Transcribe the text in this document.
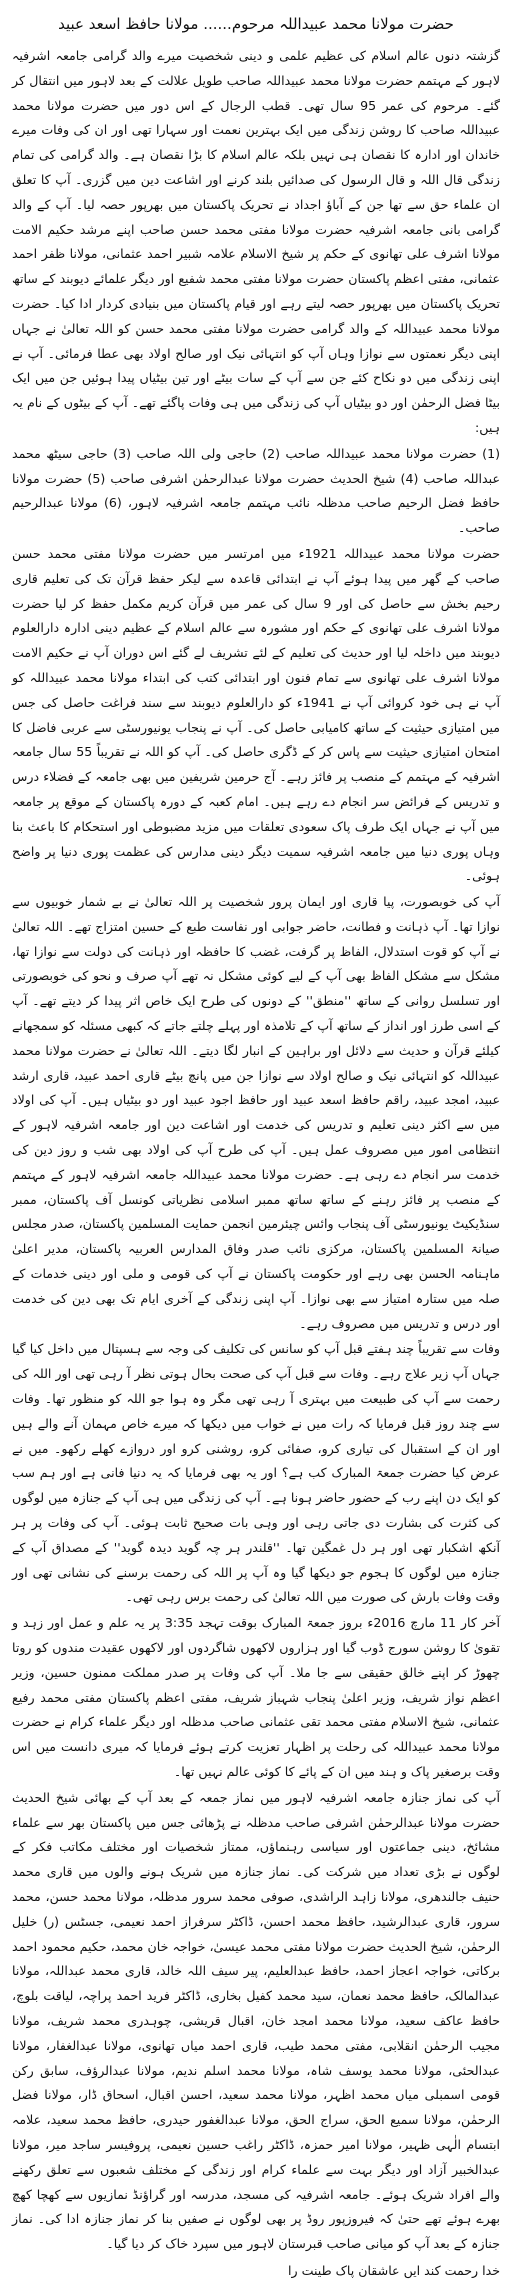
حضرت مولانا محمد عبیداللہ مرحوم...... مولانا حافظ اسعد عبید

گزشتہ دنوں عالم اسلام کی عظیم علمی و دینی شخصیت میرے والد گرامی جامعہ اشرفیہ لاہور کے مہتمم حضرت مولانا محمد عبیداللہ صاحب طویل علالت کے بعد لاہور میں انتقال کر گئے۔ مرحوم کی عمر 95 سال تھی۔ قطب الرجال کے اس دور میں حضرت مولانا محمد عبیداللہ صاحب کا روشن زندگی میں ایک بہترین نعمت اور سہارا تھی اور ان کی وفات میرے خاندان اور ادارہ کا نقصان ہی نہیں بلکہ عالم اسلام کا بڑا نقصان ہے۔ والد گرامی کی تمام زندگی قال اللہ و قال الرسول کی صدائیں بلند کرنے اور اشاعت دین میں گزری۔ آپ کا تعلق ان علماء حق سے تھا جن کے آباؤ اجداد نے تحریک پاکستان میں بھرپور حصہ لیا۔ آپ کے والد گرامی بانی جامعہ اشرفیہ حضرت مولانا مفتی محمد حسن صاحب اپنے مرشد حکیم الامت مولانا اشرف علی تھانوی کے حکم پر شیخ الاسلام علامہ شبیر احمد عثمانی، مولانا ظفر احمد عثمانی، مفتی اعظم پاکستان حضرت مولانا مفتی محمد شفیع اور دیگر علمائے دیوبند کے ساتھ تحریک پاکستان میں بھرپور حصہ لیتے رہے اور قیام پاکستان میں بنیادی کردار ادا کیا۔ حضرت مولانا محمد عبیداللہ کے والد گرامی حضرت مولانا مفتی محمد حسن کو اللہ تعالیٰ نے جہاں اپنی دیگر نعمتوں سے نوازا وہاں آپ کو انتہائی نیک اور صالح اولاد بھی عطا فرمائی۔ آپ نے اپنی زندگی میں دو نکاح کئے جن سے آپ کے سات بیٹے اور تین بیٹیاں پیدا ہوئیں جن میں ایک بیٹا فضل الرحمٰن اور دو بیٹیاں آپ کی زندگی میں ہی وفات پاگئے تھے۔ آپ کے بیٹوں کے نام یہ ہیں:

(1) حضرت مولانا محمد عبیداللہ صاحب (2) حاجی ولی اللہ صاحب (3) حاجی سیٹھ محمد عبداللہ صاحب (4) شیخ الحدیث حضرت مولانا عبدالرحمٰن اشرفی صاحب (5) حضرت مولانا حافظ فضل الرحیم صاحب مدظلہ نائب مہتمم جامعہ اشرفیہ لاہور، (6) مولانا عبدالرحیم صاحب۔

حضرت مولانا محمد عبیداللہ 1921ء میں امرتسر میں حضرت مولانا مفتی محمد حسن صاحب کے گھر میں پیدا ہوئے آپ نے ابتدائی قاعدہ سے لیکر حفظ قرآن تک کی تعلیم قاری رحیم بخش سے حاصل کی اور 9 سال کی عمر میں قرآن کریم مکمل حفظ کر لیا حضرت مولانا اشرف علی تھانوی کے حکم اور مشورہ سے عالم اسلام کے عظیم دینی ادارہ دارالعلوم دیوبند میں داخلہ لیا اور حدیث کی تعلیم کے لئے تشریف لے گئے اس دوران آپ نے حکیم الامت مولانا اشرف علی تھانوی سے تمام فنون اور ابتدائی کتب کی ابتداء مولانا محمد عبیداللہ کو آپ نے ہی خود کروائی آپ نے 1941ء کو دارالعلوم دیوبند سے سند فراغت حاصل کی جس میں امتیازی حیثیت کے ساتھ کامیابی حاصل کی۔ آپ نے پنجاب یونیورسٹی سے عربی فاضل کا امتحان امتیازی حیثیت سے پاس کر کے ڈگری حاصل کی۔ آپ کو اللہ نے تقریباً 55 سال جامعہ اشرفیہ کے مہتمم کے منصب پر فائز رہے۔ آج حرمین شریفین میں بھی جامعہ کے فضلاء درس و تدریس کے فرائض سر انجام دے رہے ہیں۔ امام کعبہ کے دورہ پاکستان کے موقع پر جامعہ میں آپ نے جہاں ایک طرف پاک سعودی تعلقات میں مزید مضبوطی اور استحکام کا باعث بنا وہاں پوری دنیا میں جامعہ اشرفیہ سمیت دیگر دینی مدارس کی عظمت پوری دنیا پر واضح ہوئی۔

آپ کی خوبصورت، پیا قاری اور ایمان پرور شخصیت پر اللہ تعالیٰ نے بے شمار خوبیوں سے نوازا تھا۔ آپ ذہانت و فطانت، حاضر جوابی اور نفاست طبع کے حسین امتزاج تھے۔ اللہ تعالیٰ نے آپ کو قوت استدلال، الفاظ پر گرفت، غضب کا حافظہ اور ذہانت کی دولت سے نوازا تھا، مشکل سے مشکل الفاظ بھی آپ کے لیے کوئی مشکل نہ تھے آپ صرف و نحو کی خوبصورتی اور تسلسل روانی کے ساتھ ''منطق'' کے دونوں کی طرح ایک خاص اثر پیدا کر دیتے تھے۔ آپ کے اسی طرز اور انداز کے ساتھ آپ کے تلامذہ اور پہلے چلتے جاتے کہ کبھی مسئلہ کو سمجھانے کیلئے قرآن و حدیث سے دلائل اور براہین کے انبار لگا دیتے۔ اللہ تعالیٰ نے حضرت مولانا محمد عبیداللہ کو انتہائی نیک و صالح اولاد سے نوازا جن میں پانچ بیٹے قاری احمد عبید، قاری ارشد عبید، امجد عبید، راقم حافظ اسعد عبید اور حافظ اجود عبید اور دو بیٹیاں ہیں۔ آپ کی اولاد میں سے اکثر دینی تعلیم و تدریس کی خدمت اور اشاعت دین اور جامعہ اشرفیہ لاہور کے انتظامی امور میں مصروف عمل ہیں۔ آپ کی طرح آپ کی اولاد بھی شب و روز دین کی خدمت سر انجام دے رہی ہے۔ حضرت مولانا محمد عبیداللہ جامعہ اشرفیہ لاہور کے مہتمم کے منصب پر فائز رہنے کے ساتھ ساتھ ممبر اسلامی نظریاتی کونسل آف پاکستان، ممبر سنڈیکیٹ یونیورسٹی آف پنجاب وائس چیئرمین انجمن حمایت المسلمین پاکستان، صدر مجلس صیانۃ المسلمین پاکستان، مرکزی نائب صدر وفاق المدارس العربیہ پاکستان، مدیر اعلیٰ ماہنامہ الحسن بھی رہے اور حکومت پاکستان نے آپ کی قومی و ملی اور دینی خدمات کے صلہ میں ستارہ امتیاز سے بھی نوازا۔ آپ اپنی زندگی کے آخری ایام تک بھی دین کی خدمت اور درس و تدریس میں مصروف رہے۔

وفات سے تقریباً چند ہفتے قبل آپ کو سانس کی تکلیف کی وجہ سے ہسپتال میں داخل کیا گیا جہاں آپ زیر علاج رہے۔ وفات سے قبل آپ کی صحت بحال ہوتی نظر آ رہی تھی اور اللہ کی رحمت سے آپ کی طبیعت میں بہتری آ رہی تھی مگر وہ ہوا جو اللہ کو منظور تھا۔ وفات سے چند روز قبل فرمایا کہ رات میں نے خواب میں دیکھا کہ میرے خاص مہمان آنے والے ہیں اور ان کے استقبال کی تیاری کرو، صفائی کرو، روشنی کرو اور دروازے کھلے رکھو۔ میں نے عرض کیا حضرت جمعۃ المبارک کب ہے؟ اور یہ بھی فرمایا کہ یہ دنیا فانی ہے اور ہم سب کو ایک دن اپنے رب کے حضور حاضر ہونا ہے۔ آپ کی زندگی میں ہی آپ کے جنازہ میں لوگوں کی کثرت کی بشارت دی جاتی رہی اور وہی بات صحیح ثابت ہوئی۔ آپ کی وفات پر ہر آنکھ اشکبار تھی اور ہر دل غمگین تھا۔ ''قلندر ہر چہ گوید دیدہ گوید'' کے مصداق آپ کے جنازہ میں لوگوں کا ہجوم جو دیکھا گیا وہ آپ پر اللہ کی رحمت برسنے کی نشانی تھی اور وقت وفات بارش کی صورت میں اللہ تعالیٰ کی رحمت برس رہی تھی۔

آخر کار 11 مارچ 2016ء بروز جمعۃ المبارک بوقت تہجد 3:35 پر یہ علم و عمل اور زہد و تقویٰ کا روشن سورج ڈوب گیا اور ہزاروں لاکھوں شاگردوں اور لاکھوں عقیدت مندوں کو روتا چھوڑ کر اپنے خالق حقیقی سے جا ملا۔ آپ کی وفات پر صدر مملکت ممنون حسین، وزیر اعظم نواز شریف، وزیر اعلیٰ پنجاب شہباز شریف، مفتی اعظم پاکستان مفتی محمد رفیع عثمانی، شیخ الاسلام مفتی محمد تقی عثمانی صاحب مدظلہ اور دیگر علماء کرام نے حضرت مولانا محمد عبیداللہ کی رحلت پر اظہار تعزیت کرتے ہوئے فرمایا کہ میری دانست میں اس وقت برصغیر پاک و ہند میں ان کے پائے کا کوئی عالم نہیں تھا۔

آپ کی نماز جنازہ جامعہ اشرفیہ لاہور میں نماز جمعہ کے بعد آپ کے بھائی شیخ الحدیث حضرت مولانا عبدالرحمٰن اشرفی صاحب مدظلہ نے پڑھائی جس میں پاکستان بھر سے علماء مشائخ، دینی جماعتوں اور سیاسی رہنماؤں، ممتاز شخصیات اور مختلف مکاتب فکر کے لوگوں نے بڑی تعداد میں شرکت کی۔ نماز جنازہ میں شریک ہونے والوں میں قاری محمد حنیف جالندھری، مولانا زاہد الراشدی، صوفی محمد سرور مدظلہ، مولانا محمد حسن، محمد سرور، قاری عبدالرشید، حافظ محمد احسن، ڈاکٹر سرفراز احمد نعیمی، جسٹس (ر) خلیل الرحمٰن، شیخ الحدیث حضرت مولانا مفتی محمد عیسیٰ، خواجہ خان محمد، حکیم محمود احمد برکاتی، خواجہ اعجاز احمد، حافظ عبدالعلیم، پیر سیف اللہ خالد، قاری محمد عبداللہ، مولانا عبدالمالک، حافظ محمد نعمان، سید محمد کفیل بخاری، ڈاکٹر فرید احمد پراچہ، لیاقت بلوچ، حافظ عاکف سعید، مولانا محمد امجد خان، اقبال قریشی، چوہدری محمد شریف، مولانا مجیب الرحمٰن انقلابی، مفتی محمد طیب، قاری احمد میاں تھانوی، مولانا عبدالغفار، مولانا عبدالحئی، مولانا محمد یوسف شاہ، مولانا محمد اسلم ندیم، مولانا عبدالرؤف، سابق رکن قومی اسمبلی میاں محمد اظہر، مولانا محمد سعید، احسن اقبال، اسحاق ڈار، مولانا فضل الرحمٰن، مولانا سمیع الحق، سراج الحق، مولانا عبدالغفور حیدری، حافظ محمد سعید، علامہ ابتسام الٰہی ظہیر، مولانا امیر حمزہ، ڈاکٹر راغب حسین نعیمی، پروفیسر ساجد میر، مولانا عبدالخبیر آزاد اور دیگر بہت سے علماء کرام اور زندگی کے مختلف شعبوں سے تعلق رکھنے والے افراد شریک ہوئے۔ جامعہ اشرفیہ کی مسجد، مدرسہ اور گراؤنڈ نمازیوں سے کھچا کھچ بھرے ہوئے تھے حتیٰ کہ فیروزپور روڈ پر بھی لوگوں نے صفیں بنا کر نماز جنازہ ادا کی۔ نماز جنازہ کے بعد آپ کو میانی صاحب قبرستان لاہور میں سپرد خاک کر دیا گیا۔

خدا رحمت کند ایں عاشقان پاک طینت را
